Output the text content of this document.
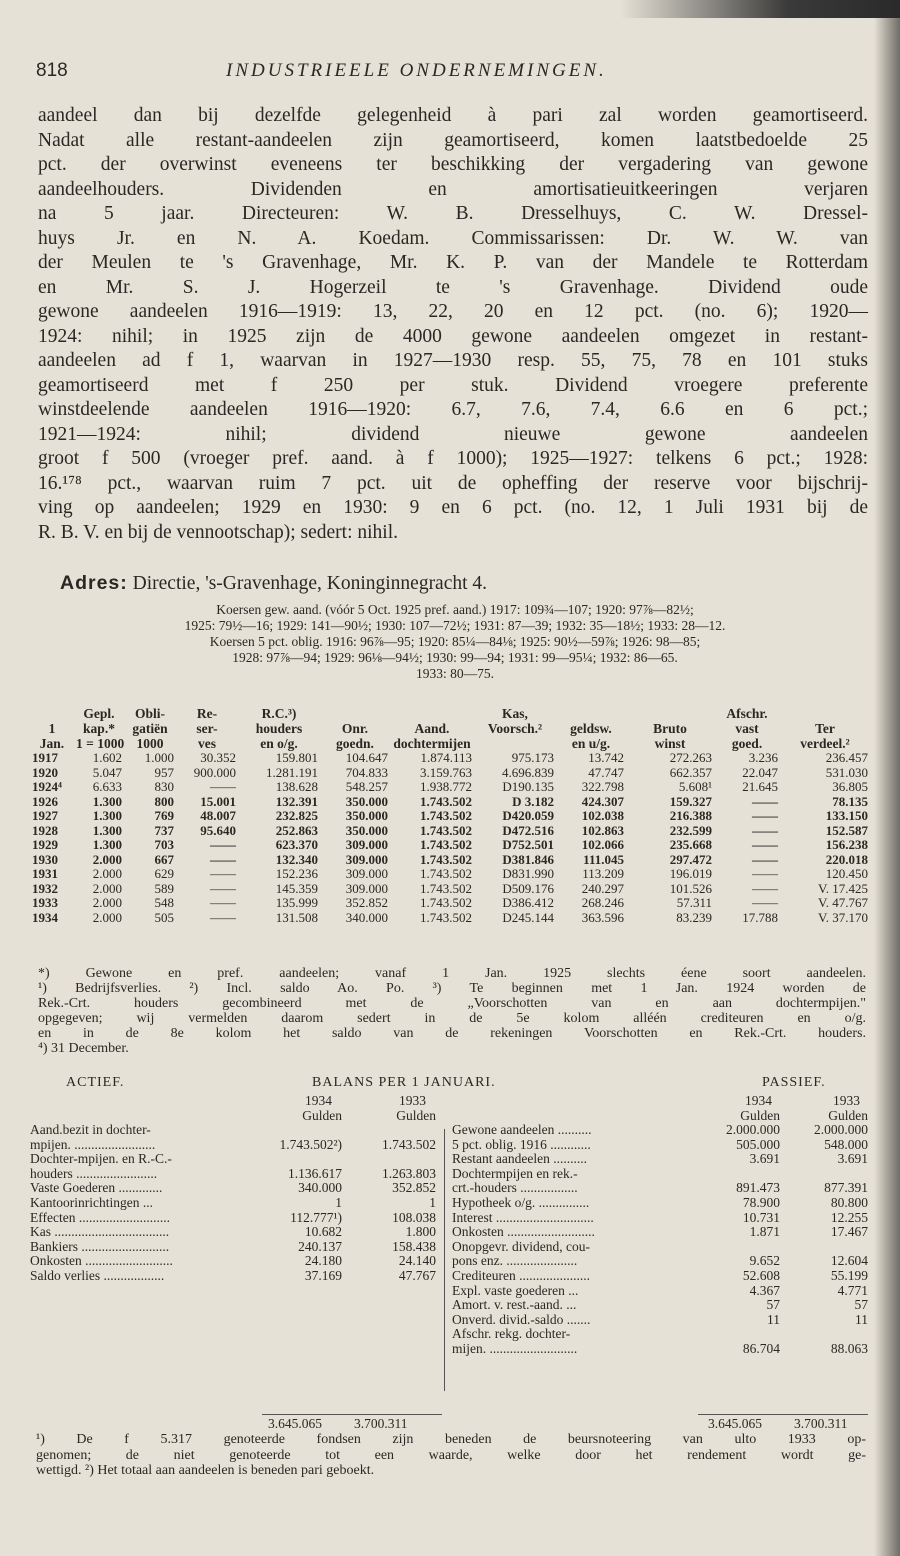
818	INDUSTRIEELE ONDERNEMINGEN.
aandeel dan bij dezelfde gelegenheid à pari zal worden geamortiseerd.
Nadat alle restant-aandeelen zijn geamortiseerd, komen laatstbedoelde 25
pct. der overwinst eveneens ter beschikking der vergadering van gewone
aandeelhouders. Dividenden en amortisatieuitkeeringen verjaren
na 5 jaar. Directeuren: W. B. Dresselhuys, C. W. Dressel-
huys Jr. en N. A. Koedam. Commissarissen: Dr. W. W. van
der Meulen te 's Gravenhage, Mr. K. P. van der Mandele te Rotterdam
en Mr. S. J. Hogerzeil te 's Gravenhage. Dividend oude
gewone aandeelen 1916—1919: 13, 22, 20 en 12 pct. (no. 6); 1920—
1924: nihil; in 1925 zijn de 4000 gewone aandeelen omgezet in restant-
aandeelen ad f 1, waarvan in 1927—1930 resp. 55, 75, 78 en 101 stuks
geamortiseerd met f 250 per stuk. Dividend vroegere preferente
winstdeelende aandeelen 1916—1920: 6.7, 7.6, 7.4, 6.6 en 6 pct.;
1921—1924: nihil; dividend nieuwe gewone aandeelen
groot f 500 (vroeger pref. aand. à f 1000); 1925—1927: telkens 6 pct.; 1928:
16.¹⁷⁸ pct., waarvan ruim 7 pct. uit de opheffing der reserve voor bijschrij-
ving op aandeelen; 1929 en 1930: 9 en 6 pct. (no. 12, 1 Juli 1931 bij de
R. B. V. en bij de vennootschap); sedert: nihil.
Adres: Directie, 's-Gravenhage, Koninginnegracht 4.
Koersen gew. aand. (vóór 5 Oct. 1925 pref. aand.) 1917: 109¾—107; 1920: 97⅞—82½;
1925: 79½—16; 1929: 141—90½; 1930: 107—72½; 1931: 87—39; 1932: 35—18½; 1933: 28—12.
Koersen 5 pct. oblig. 1916: 96⅞—95; 1920: 85¼—84⅛; 1925: 90½—59⅞; 1926: 98—85;
1928: 97⅞—94; 1929: 96⅛—94½; 1930: 99—94; 1931: 99—95¼; 1932: 86—65.
1933: 80—75.
	Gepl.	Obli-	Re-	R.C.³)			Kas,			Afschr.	
1	kap.*	gatiën	ser-	houders	Onr.	Aand.	Voorsch.²	geldsw.	Bruto	vast	Ter
Jan.	1 = 1000	1000	ves	en o/g.	goedn.	dochtermijen		en u/g.	winst	goed.	verdeel.²
1917	1.602	1.000	30.352	159.801	104.647	1.874.113	975.173	13.742	272.263	3.236	236.457
1920	5.047	957	900.000	1.281.191	704.833	3.159.763	4.696.839	47.747	662.357	22.047	531.030
1924⁴	6.633	830	——	138.628	548.257	1.938.772	D190.135	322.798	5.608¹	21.645	36.805
1926	1.300	800	15.001	132.391	350.000	1.743.502	D 3.182	424.307	159.327	——	78.135
1927	1.300	769	48.007	232.825	350.000	1.743.502	D420.059	102.038	216.388	——	133.150
1928	1.300	737	95.640	252.863	350.000	1.743.502	D472.516	102.863	232.599	——	152.587
1929	1.300	703	——	623.370	309.000	1.743.502	D752.501	102.066	235.668	——	156.238
1930	2.000	667	——	132.340	309.000	1.743.502	D381.846	111.045	297.472	——	220.018
1931	2.000	629	——	152.236	309.000	1.743.502	D831.990	113.209	196.019	——	120.450
1932	2.000	589	——	145.359	309.000	1.743.502	D509.176	240.297	101.526	——	V. 17.425
1933	2.000	548	——	135.999	352.852	1.743.502	D386.412	268.246	57.311	——	V. 47.767
1934	2.000	505	——	131.508	340.000	1.743.502	D245.144	363.596	83.239	17.788	V. 37.170
*) Gewone en pref. aandeelen; vanaf 1 Jan. 1925 slechts éene soort aandeelen.
¹) Bedrijfsverlies. ²) Incl. saldo Ao. Po. ³) Te beginnen met 1 Jan. 1924 worden de
Rek.-Crt. houders gecombineerd met de „Voorschotten van en aan dochtermpijen."
opgegeven; wij vermelden daarom sedert in de 5e kolom alléén crediteuren en o/g.
en in de 8e kolom het saldo van de rekeningen Voorschotten en Rek.-Crt. houders.
⁴) 31 December.
ACTIEF.	BALANS PER 1 JANUARI.	PASSIEF.
1934	1933
Gulden	Gulden
Aand.bezit in dochter-
mpijen. ........................	1.743.502²)	1.743.502
Dochter-mpijen. en R.-C.-
houders ........................	1.136.617	1.263.803
Vaste Goederen .............	340.000	352.852
Kantoorinrichtingen ...	1	1
Effecten ...........................	112.777¹)	108.038
Kas ..................................	10.682	1.800
Bankiers ..........................	240.137	158.438
Onkosten ..........................	24.180	24.140
Saldo verlies ..................	37.169	47.767
1934	1933
Gulden	Gulden
Gewone aandeelen ..........	2.000.000	2.000.000
5 pct. oblig. 1916 ............	505.000	548.000
Restant aandeelen ..........	3.691	3.691
Dochtermpijen en rek.-
crt.-houders .................	891.473	877.391
Hypotheek o/g. ...............	78.900	80.800
Interest .............................	10.731	12.255
Onkosten ..........................	1.871	17.467
Onopgevr. dividend, cou-
pons enz. .....................	9.652	12.604
Crediteuren .....................	52.608	55.199
Expl. vaste goederen ...	4.367	4.771
Amort. v. rest.-aand. ...	57	57
Onverd. divid.-saldo .......	11	11
Afschr. rekg. dochter-
mijen. ..........................	86.704	88.063
3.645.065 3.700.311	3.645.065 3.700.311
¹) De f 5.317 genoteerde fondsen zijn beneden de beursnoteering van ulto 1933 op-
genomen; de niet genoteerde tot een waarde, welke door het rendement wordt ge-
wettigd. ²) Het totaal aan aandeelen is beneden pari geboekt.
